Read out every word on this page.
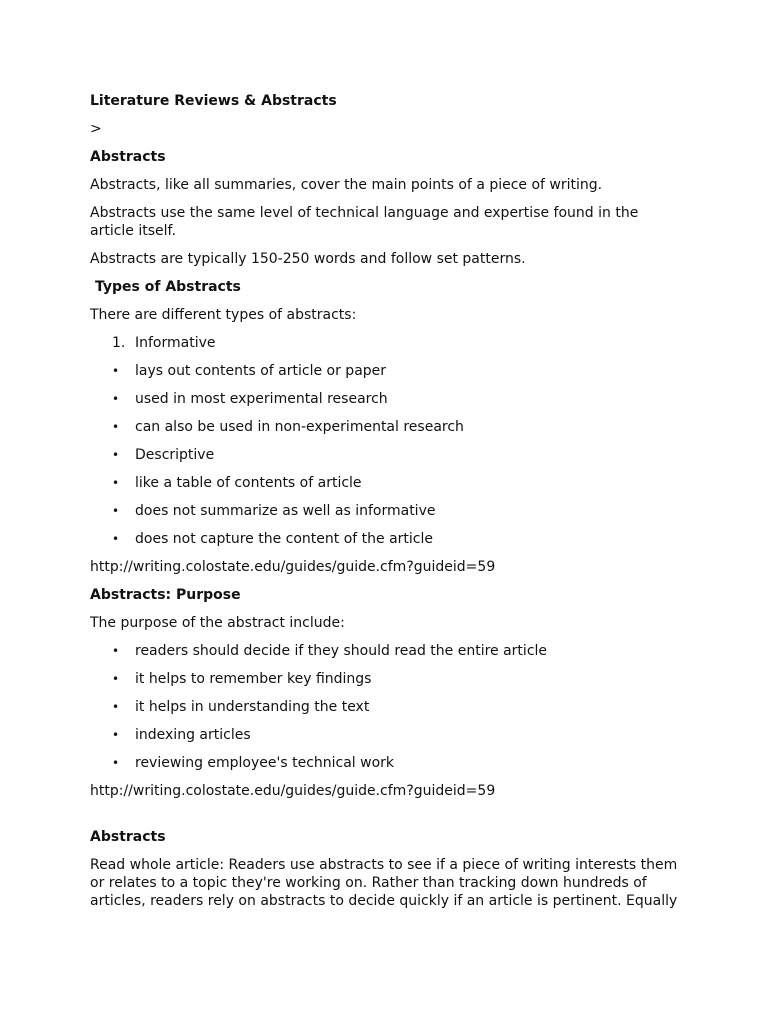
Literature Reviews & Abstracts
>
Abstracts
Abstracts, like all summaries, cover the main points of a piece of writing.
Abstracts use the same level of technical language and expertise found in the article itself.
Abstracts are typically 150-250 words and follow set patterns.
Types of Abstracts
There are different types of abstracts:
1. Informative
• lays out contents of article or paper
• used in most experimental research
• can also be used in non-experimental research
• Descriptive
• like a table of contents of article
• does not summarize as well as informative
• does not capture the content of the article
http://writing.colostate.edu/guides/guide.cfm?guideid=59
Abstracts: Purpose
The purpose of the abstract include:
• readers should decide if they should read the entire article
• it helps to remember key findings
• it helps in understanding the text
• indexing articles
• reviewing employee's technical work
http://writing.colostate.edu/guides/guide.cfm?guideid=59
Abstracts
Read whole article: Readers use abstracts to see if a piece of writing interests them or relates to a topic they're working on. Rather than tracking down hundreds of articles, readers rely on abstracts to decide quickly if an article is pertinent. Equally
